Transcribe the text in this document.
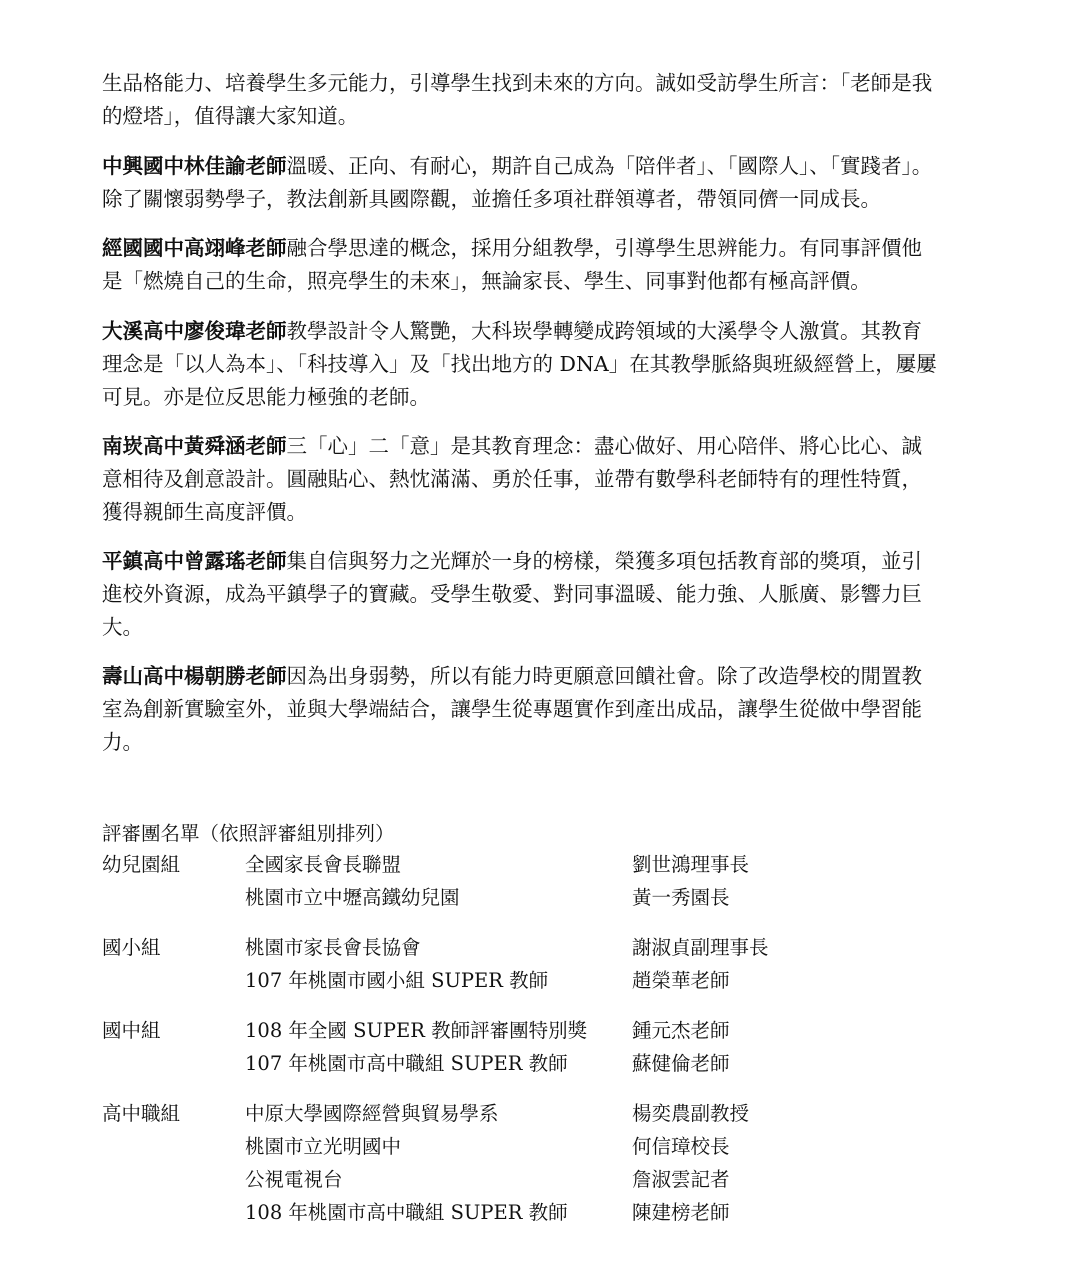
生品格能力、培養學生多元能力，引導學生找到未來的方向。誠如受訪學生所言：「老師是我
的燈塔」，值得讓大家知道。
中興國中林佳諭老師溫暖、正向、有耐心，期許自己成為「陪伴者」、「國際人」、「實踐者」。
除了關懷弱勢學子，教法創新具國際觀，並擔任多項社群領導者，帶領同儕一同成長。
經國國中高翊峰老師融合學思達的概念，採用分組教學，引導學生思辨能力。有同事評價他
是「燃燒自己的生命，照亮學生的未來」，無論家長、學生、同事對他都有極高評價。
大溪高中廖俊瑋老師教學設計令人驚艷，大科崁學轉變成跨領域的大溪學令人激賞。其教育
理念是「以人為本」、「科技導入」及「找出地方的 DNA」在其教學脈絡與班級經營上，屢屢
可見。亦是位反思能力極強的老師。
南崁高中黃舜涵老師三「心」二「意」是其教育理念：盡心做好、用心陪伴、將心比心、誠
意相待及創意設計。圓融貼心、熱忱滿滿、勇於任事，並帶有數學科老師特有的理性特質，
獲得親師生高度評價。
平鎮高中曾露瑤老師集自信與努力之光輝於一身的榜樣，榮獲多項包括教育部的獎項，並引
進校外資源，成為平鎮學子的寶藏。受學生敬愛、對同事溫暖、能力強、人脈廣、影響力巨
大。
壽山高中楊朝勝老師因為出身弱勢，所以有能力時更願意回饋社會。除了改造學校的閒置教
室為創新實驗室外，並與大學端結合，讓學生從專題實作到產出成品，讓學生從做中學習能
力。
評審團名單（依照評審組別排列）
幼兒園組	全國家長會長聯盟	劉世鴻理事長
桃園市立中壢高鐵幼兒園	黃一秀園長
國小組	桃園市家長會長協會	謝淑貞副理事長
107 年桃園市國小組 SUPER 教師	趙榮華老師
國中組	108 年全國 SUPER 教師評審團特別獎 鍾元杰老師
107 年桃園市高中職組 SUPER 教師	蘇健倫老師
高中職組	中原大學國際經營與貿易學系	楊奕農副教授
桃園市立光明國中	何信璋校長
公視電視台	詹淑雲記者
108 年桃園市高中職組 SUPER 教師	陳建榜老師
